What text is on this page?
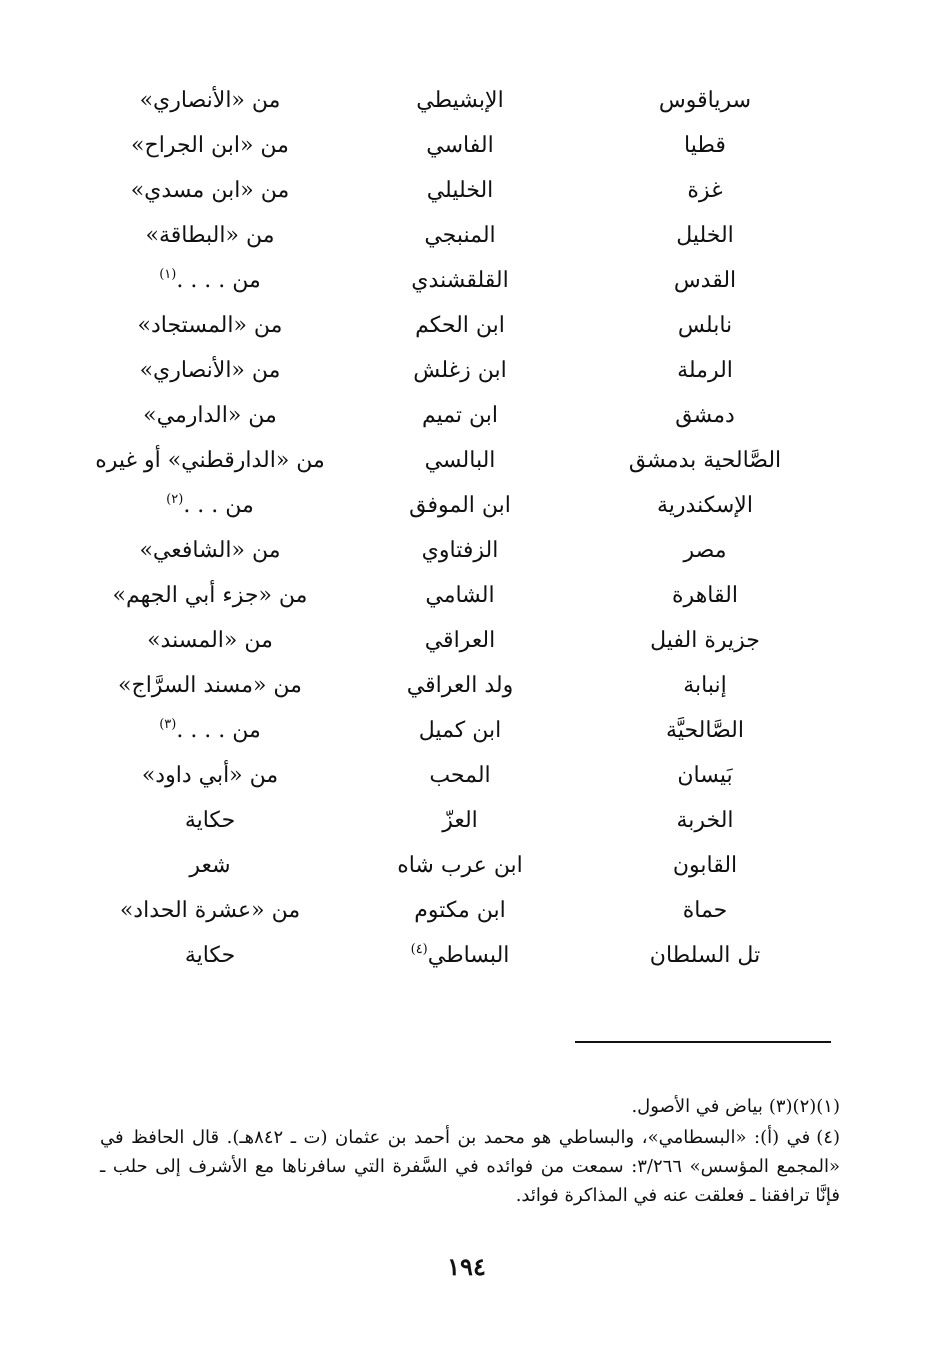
سرياقوس
الإبشيطي
من «الأنصاري»
قطيا
الفاسي
من «ابن الجراح»
غزة
الخليلي
من «ابن مسدي»
الخليل
المنبجي
من «البطاقة»
القدس
القلقشندي
من . . . .$^{(١)}$
نابلس
ابن الحكم
من «المستجاد»
الرملة
ابن زغلش
من «الأنصاري»
دمشق
ابن تميم
من «الدارمي»
الصَّالحية بدمشق
البالسي
من «الدارقطني» أو غيره
الإسكندرية
ابن الموفق
من . . .$^{(٢)}$
مصر
الزفتاوي
من «الشافعي»
القاهرة
الشامي
من «جزء أبي الجهم»
جزيرة الفيل
العراقي
من «المسند»
إنبابة
ولد العراقي
من «مسند السرَّاج»
الصَّالحيَّة
ابن كميل
من . . . .$^{(٣)}$
بَيسان
المحب
من «أبي داود»
الخربة
العزّ
حكاية
القابون
ابن عرب شاه
شعر
حماة
ابن مكتوم
من «عشرة الحداد»
تل السلطان
البساطي$^{(٤)}$
حكاية

(١)(٢)(٣)بياض في الأصول.

(٤)في (أ): «البسطامي»، والبساطي هو محمد بن أحمد بن عثمان (ت ـ ٨٤٢هـ). قال الحافظ في «المجمع المؤسس» ٣/٢٦٦: سمعت من فوائده في السَّفرة التي سافرناها مع الأشرف إلى حلب ـ فإنَّا ترافقنا ـ فعلقت عنه في المذاكرة فوائد.

١٩٤
